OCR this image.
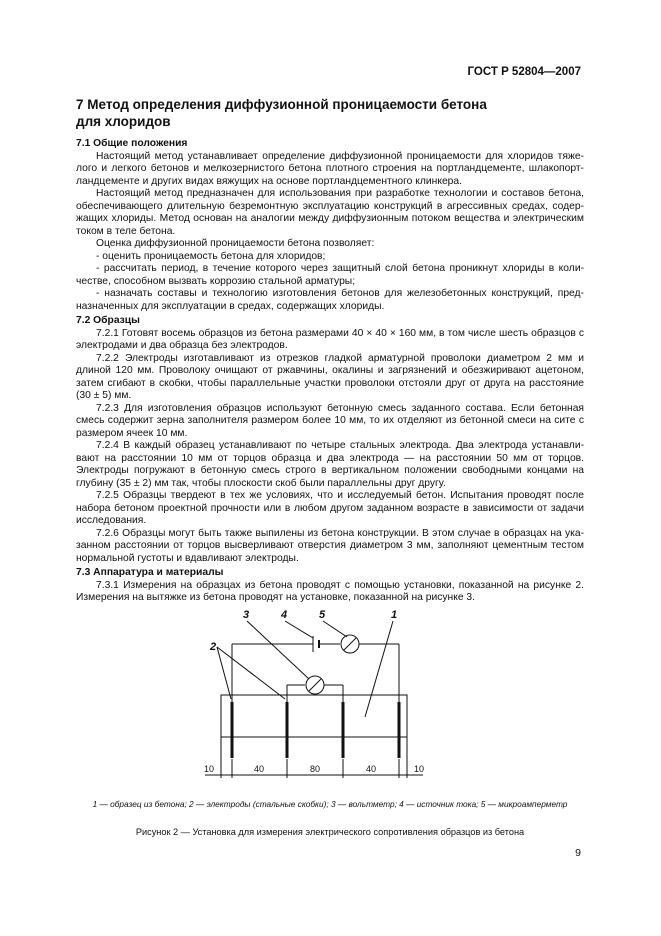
ГОСТ Р 52804—2007
7 Метод определения диффузионной проницаемости бетона
для хлоридов

7.1 Общие положения

Настоящий метод устанавливает определение диффузионной проницаемости для хлоридов тяже- лого и легкого бетонов и мелкозернистого бетона плотного строения на портландцементе, шлакопорт- ландцементе и других видах вяжущих на основе портландцементного клинкера.

Настоящий метод предназначен для использования при разработке технологии и составов бетона, обеспечивающего длительную безремонтную эксплуатацию конструкций в агрессивных средах, содер- жащих хлориды. Метод основан на аналогии между диффузионным потоком вещества и электрическим током в теле бетона.

Оценка диффузионной проницаемости бетона позволяет:

- оценить проницаемость бетона для хлоридов;

- рассчитать период, в течение которого через защитный слой бетона проникнут хлориды в коли- честве, способном вызвать коррозию стальной арматуры;

- назначать составы и технологию изготовления бетонов для железобетонных конструкций, пред- назначенных для эксплуатации в средах, содержащих хлориды.

7.2 Образцы

7.2.1 Готовят восемь образцов из бетона размерами 40 × 40 × 160 мм, в том числе шесть образцов с электродами и два образца без электродов.

7.2.2 Электроды изготавливают из отрезков гладкой арматурной проволоки диаметром 2 мм и длиной 120 мм. Проволоку очищают от ржавчины, окалины и загрязнений и обезжиривают ацетоном, затем сгибают в скобки, чтобы параллельные участки проволоки отстояли друг от друга на расстояние (30 ± 5) мм.

7.2.3 Для изготовления образцов используют бетонную смесь заданного состава. Если бетонная смесь содержит зерна заполнителя размером более 10 мм, то их отделяют из бетонной смеси на сите с размером ячеек 10 мм.

7.2.4 В каждый образец устанавливают по четыре стальных электрода. Два электрода устанавли- вают на расстоянии 10 мм от торцов образца и два электрода — на расстоянии 50 мм от торцов. Электроды погружают в бетонную смесь строго в вертикальном положении свободными концами на глубину (35 ± 2) мм так, чтобы плоскости скоб были параллельны друг другу.

7.2.5 Образцы твердеют в тех же условиях, что и исследуемый бетон. Испытания проводят после набора бетоном проектной прочности или в любом другом заданном возрасте в зависимости от задачи исследования.

7.2.6 Образцы могут быть также выпилены из бетона конструкции. В этом случае в образцах на ука- занном расстоянии от торцов высверливают отверстия диаметром 3 мм, заполняют цементным тестом нормальной густоты и вдавливают электроды.

7.3 Аппаратура и материалы

7.3.1 Измерения на образцах из бетона проводят с помощью установки, показанной на рисунке 2. Измерения на вытяжке из бетона проводят на установке, показанной на рисунке 3.

1
2
3	4	5
10	40	80	40	10
1 — образец из бетона; 2 — электроды (стальные скобки); 3 — вольтметр; 4 — источник тока; 5 — микроамперметр
Рисунок 2 — Установка для измерения электрического сопротивления образцов из бетона
9
